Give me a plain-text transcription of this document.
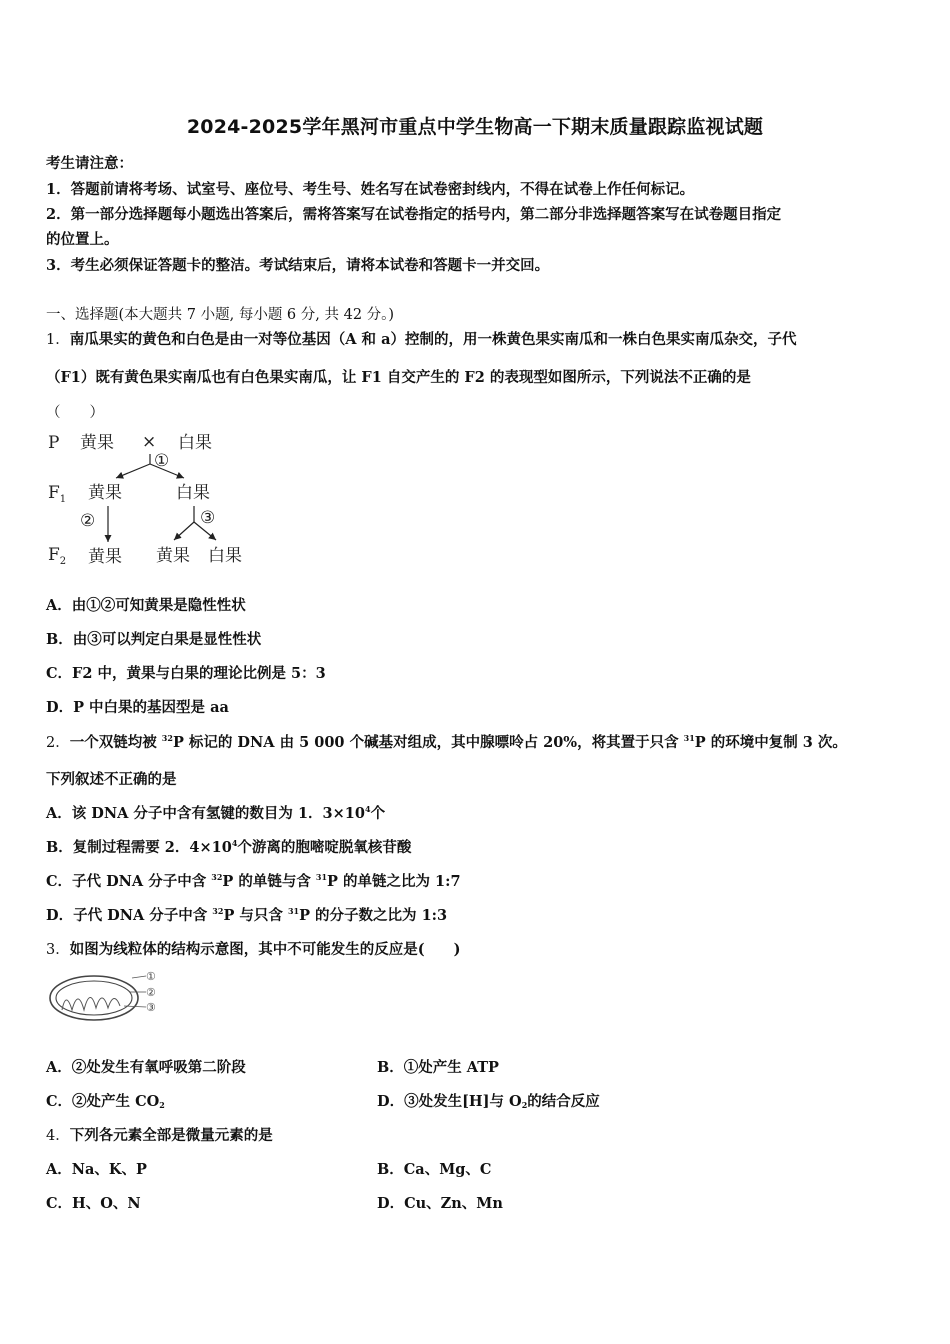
2024-2025学年黑河市重点中学生物高一下期末质量跟踪监视试题
考生请注意：
1．答题前请将考场、试室号、座位号、考生号、姓名写在试卷密封线内，不得在试卷上作任何标记。
2．第一部分选择题每小题选出答案后，需将答案写在试卷指定的括号内，第二部分非选择题答案写在试卷题目指定
的位置上。
3．考生必须保证答题卡的整洁。考试结束后，请将本试卷和答题卡一并交回。
一、选择题(本大题共 7 小题, 每小题 6 分, 共 42 分。)
1．南瓜果实的黄色和白色是由一对等位基因（A 和 a）控制的，用一株黄色果实南瓜和一株白色果实南瓜杂交，子代
（F1）既有黄色果实南瓜也有白色果实南瓜，让 F1 自交产生的 F2 的表现型如图所示，下列说法不正确的是
（　　）
P 黄果 × 白果
①
$F_1$ 黄果	白果
②	③
$F_2$ 黄果 黄果 白果
A．由①②可知黄果是隐性性状
B．由③可以判定白果是显性性状
C．F2 中，黄果与白果的理论比例是 5：3
D．P 中白果的基因型是 aa
2．一个双链均被 $^{32}$P 标记的 DNA 由 5 000 个碱基对组成，其中腺嘌呤占 20%，将其置于只含 $^{31}$P 的环境中复制 3 次。
下列叙述不正确的是
A．该 DNA 分子中含有氢键的数目为 1．$3\times 10^4$个
B．复制过程需要 2．$4\times 10^4$个游离的胞嘧啶脱氧核苷酸
C．子代 DNA 分子中含 $^{32}$P 的单链与含 $^{31}$P 的单链之比为 1:7
D．子代 DNA 分子中含 $^{32}$P 与只含 $^{31}$P 的分子数之比为 1:3
3．如图为线粒体的结构示意图，其中不可能发生的反应是(　　)
①
②
③
A．②处发生有氧呼吸第二阶段	B．①处产生 ATP
C．②处产生 $CO_2$	D．③处发生[H]与 $O_2$的结合反应
4．下列各元素全部是微量元素的是
A．Na、K、P	B．Ca、Mg、C
C．H、O、N	D．Cu、Zn、Mn
